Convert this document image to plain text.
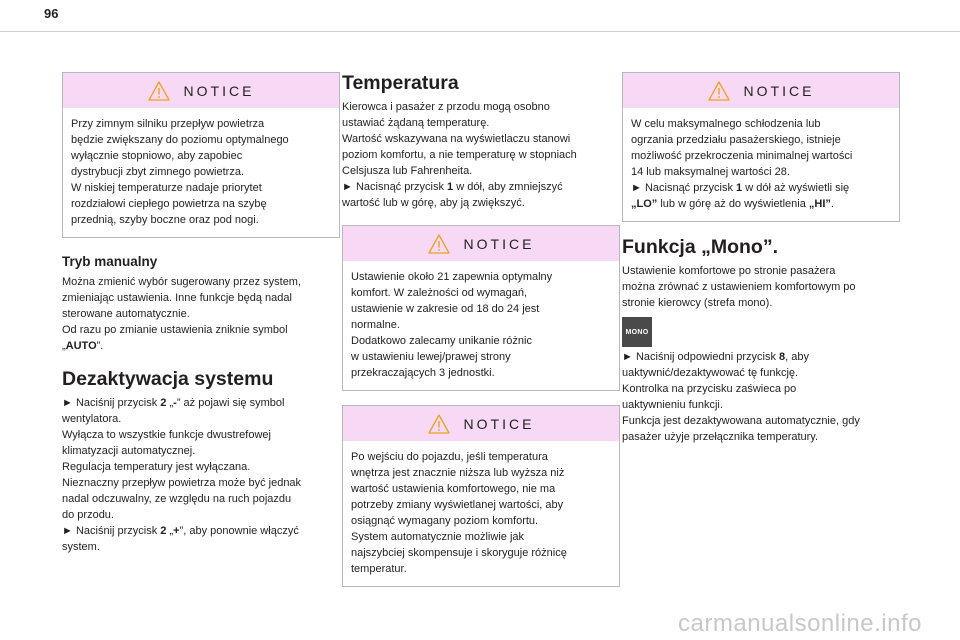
96
NOTICE

Przy zimnym silniku przepływ powietrza

będzie zwiększany do poziomu optymalnego

wyłącznie stopniowo, aby zapobiec

dystrybucji zbyt zimnego powietrza.

W niskiej temperaturze nadaje priorytet

rozdziałowi ciepłego powietrza na szybę

przednią, szyby boczne oraz pod nogi.

Tryb manualny

Można zmienić wybór sugerowany przez system,

zmieniając ustawienia. Inne funkcje będą nadal

sterowane automatycznie.

Od razu po zmianie ustawienia zniknie symbol

„AUTO”.

Dezaktywacja systemu

► Naciśnij przycisk 2 „-” aż pojawi się symbol

wentylatora.

Wyłącza to wszystkie funkcje dwustrefowej

klimatyzacji automatycznej.

Regulacja temperatury jest wyłączana.

Nieznaczny przepływ powietrza może być jednak

nadal odczuwalny, ze względu na ruch pojazdu

do przodu.

► Naciśnij przycisk 2 „+”, aby ponownie włączyć

system.

Temperatura

Kierowca i pasażer z przodu mogą osobno

ustawiać żądaną temperaturę.

Wartość wskazywana na wyświetlaczu stanowi

poziom komfortu, a nie temperaturę w stopniach

Celsjusza lub Fahrenheita.

► Nacisnąć przycisk 1 w dół, aby zmniejszyć

wartość lub w górę, aby ją zwiększyć.

NOTICE

Ustawienie około 21 zapewnia optymalny

komfort. W zależności od wymagań,

ustawienie w zakresie od 18 do 24 jest

normalne.

Dodatkowo zalecamy unikanie różnic

w ustawieniu lewej/prawej strony

przekraczających 3 jednostki.

NOTICE

Po wejściu do pojazdu, jeśli temperatura

wnętrza jest znacznie niższa lub wyższa niż

wartość ustawienia komfortowego, nie ma

potrzeby zmiany wyświetlanej wartości, aby

osiągnąć wymagany poziom komfortu.

System automatycznie możliwie jak

najszybciej skompensuje i skoryguje różnicę

temperatur.

NOTICE

W celu maksymalnego schłodzenia lub

ogrzania przedziału pasażerskiego, istnieje

możliwość przekroczenia minimalnej wartości

14 lub maksymalnej wartości 28.

► Nacisnąć przycisk 1 w dół aż wyświetli się

„LO” lub w górę aż do wyświetlenia „HI”.

Funkcja „Mono”.

Ustawienie komfortowe po stronie pasażera

można zrównać z ustawieniem komfortowym po

stronie kierowcy (strefa mono).

MONO

► Naciśnij odpowiedni przycisk 8, aby

uaktywnić/dezaktywować tę funkcję.

Kontrolka na przycisku zaświeca po

uaktywnieniu funkcji.

Funkcja jest dezaktywowana automatycznie, gdy

pasażer użyje przełącznika temperatury.

carmanualsonline.info
